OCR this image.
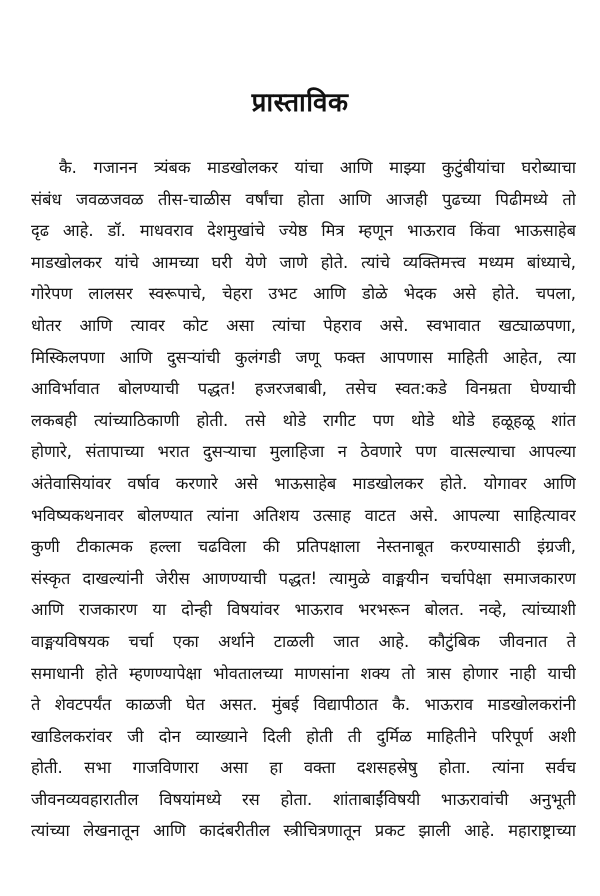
प्रास्ताविक
कै. गजानन त्र्यंबक माडखोलकर यांचा आणि माझ्या कुटुंबीयांचा घरोब्याचा
संबंध जवळजवळ तीस-चाळीस वर्षांचा होता आणि आजही पुढच्या पिढीमध्ये तो
दृढ आहे. डॉ. माधवराव देशमुखांचे ज्येष्ठ मित्र म्हणून भाऊराव किंवा भाऊसाहेब
माडखोलकर यांचे आमच्या घरी येणे जाणे होते. त्यांचे व्यक्तिमत्त्व मध्यम बांध्याचे,
गोरेपण लालसर स्वरूपाचे, चेहरा उभट आणि डोळे भेदक असे होते. चपला,
धोतर आणि त्यावर कोट असा त्यांचा पेहराव असे. स्वभावात खट्याळपणा,
मिस्किलपणा आणि दुसऱ्यांची कुलंगडी जणू फक्त आपणास माहिती आहेत, त्या
आविर्भावात बोलण्याची पद्धत! हजरजबाबी, तसेच स्वत:कडे विनम्रता घेण्याची
लकबही त्यांच्याठिकाणी होती. तसे थोडे रागीट पण थोडे थोडे हळूहळू शांत
होणारे, संतापाच्या भरात दुसऱ्याचा मुलाहिजा न ठेवणारे पण वात्सल्याचा आपल्या
अंतेवासियांवर वर्षाव करणारे असे भाऊसाहेब माडखोलकर होते. योगावर आणि
भविष्यकथनावर बोलण्यात त्यांना अतिशय उत्साह वाटत असे. आपल्या साहित्यावर
कुणी टीकात्मक हल्ला चढविला की प्रतिपक्षाला नेस्तनाबूत करण्यासाठी इंग्रजी,
संस्कृत दाखल्यांनी जेरीस आणण्याची पद्धत! त्यामुळे वाङ्मयीन चर्चापेक्षा समाजकारण
आणि राजकारण या दोन्ही विषयांवर भाऊराव भरभरून बोलत. नव्हे, त्यांच्याशी
वाङ्मयविषयक चर्चा एका अर्थाने टाळली जात आहे. कौटुंबिक जीवनात ते
समाधानी होते म्हणण्यापेक्षा भोवतालच्या माणसांना शक्य तो त्रास होणार नाही याची
ते शेवटपर्यंत काळजी घेत असत. मुंबई विद्यापीठात कै. भाऊराव माडखोलकरांनी
खाडिलकरांवर जी दोन व्याख्याने दिली होती ती दुर्मिळ माहितीने परिपूर्ण अशी
होती. सभा गाजविणारा असा हा वक्ता दशसहस्रेषु होता. त्यांना सर्वच
जीवनव्यवहारातील विषयांमध्ये रस होता. शांताबाईंविषयी भाऊरावांची अनुभूती
त्यांच्या लेखनातून आणि कादंबरीतील स्त्रीचित्रणातून प्रकट झाली आहे. महाराष्ट्राच्या
